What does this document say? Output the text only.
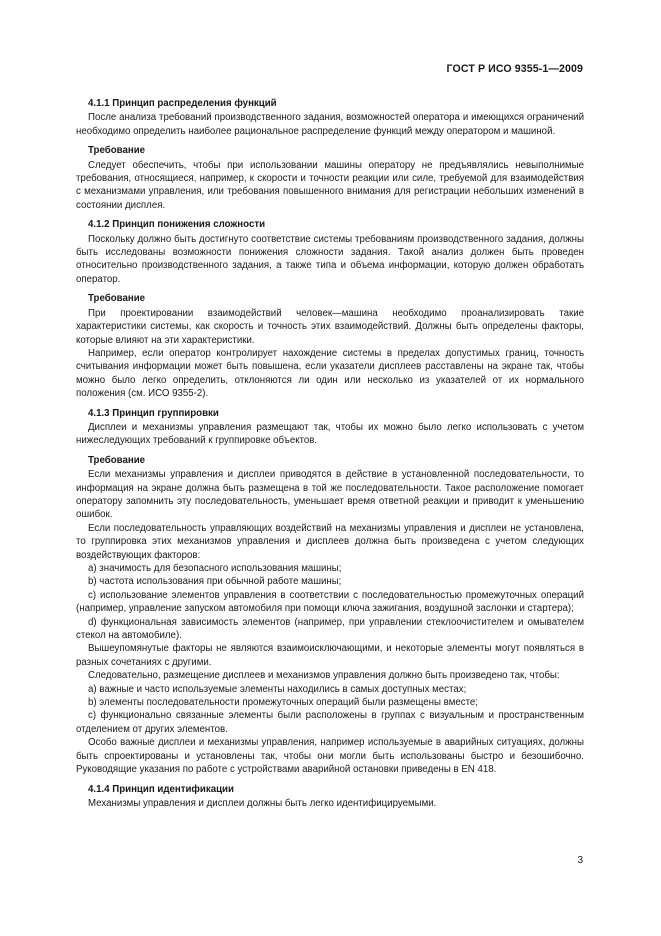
ГОСТ Р ИСО 9355-1—2009
4.1.1 Принцип распределения функций
После анализа требований производственного задания, возможностей оператора и имеющихся ограничений необходимо определить наиболее рациональное распределение функций между оператором и машиной.
Требование
Следует обеспечить, чтобы при использовании машины оператору не предъявлялись невыполнимые требования, относящиеся, например, к скорости и точности реакции или силе, требуемой для взаимодействия с механизмами управления, или требования повышенного внимания для регистрации небольших изменений в состоянии дисплея.
4.1.2 Принцип понижения сложности
Поскольку должно быть достигнуто соответствие системы требованиям производственного задания, должны быть исследованы возможности понижения сложности задания. Такой анализ должен быть проведен относительно производственного задания, а также типа и объема информации, которую должен обработать оператор.
Требование
При проектировании взаимодействий человек—машина необходимо проанализировать такие характеристики системы, как скорость и точность этих взаимодействий. Должны быть определены факторы, которые влияют на эти характеристики.
Например, если оператор контролирует нахождение системы в пределах допустимых границ, точность считывания информации может быть повышена, если указатели дисплеев расставлены на экране так, чтобы можно было легко определить, отклоняются ли один или несколько из указателей от их нормального положения (см. ИСО 9355-2).
4.1.3 Принцип группировки
Дисплеи и механизмы управления размещают так, чтобы их можно было легко использовать с учетом нижеследующих требований к группировке объектов.
Требование
Если механизмы управления и дисплеи приводятся в действие в установленной последовательности, то информация на экране должна быть размещена в той же последовательности. Такое расположение помогает оператору запомнить эту последовательность, уменьшает время ответной реакции и приводит к уменьшению ошибок.
Если последовательность управляющих воздействий на механизмы управления и дисплеи не установлена, то группировка этих механизмов управления и дисплеев должна быть произведена с учетом следующих воздействующих факторов:
a) значимость для безопасного использования машины;
b) частота использования при обычной работе машины;
c) использование элементов управления в соответствии с последовательностью промежуточных операций (например, управление запуском автомобиля при помощи ключа зажигания, воздушной заслонки и стартера);
d) функциональная зависимость элементов (например, при управлении стеклоочистителем и омывателем стекол на автомобиле).
Вышеупомянутые факторы не являются взаимоисключающими, и некоторые элементы могут появляться в разных сочетаниях с другими.
Следовательно, размещение дисплеев и механизмов управления должно быть произведено так, чтобы:
a) важные и часто используемые элементы находились в самых доступных местах;
b) элементы последовательности промежуточных операций были размещены вместе;
c) функционально связанные элементы были расположены в группах с визуальным и пространственным отделением от других элементов.
Особо важные дисплеи и механизмы управления, например используемые в аварийных ситуациях, должны быть спроектированы и установлены так, чтобы они могли быть использованы быстро и безошибочно. Руководящие указания по работе с устройствами аварийной остановки приведены в EN 418.
4.1.4 Принцип идентификации
Механизмы управления и дисплеи должны быть легко идентифицируемыми.
3
